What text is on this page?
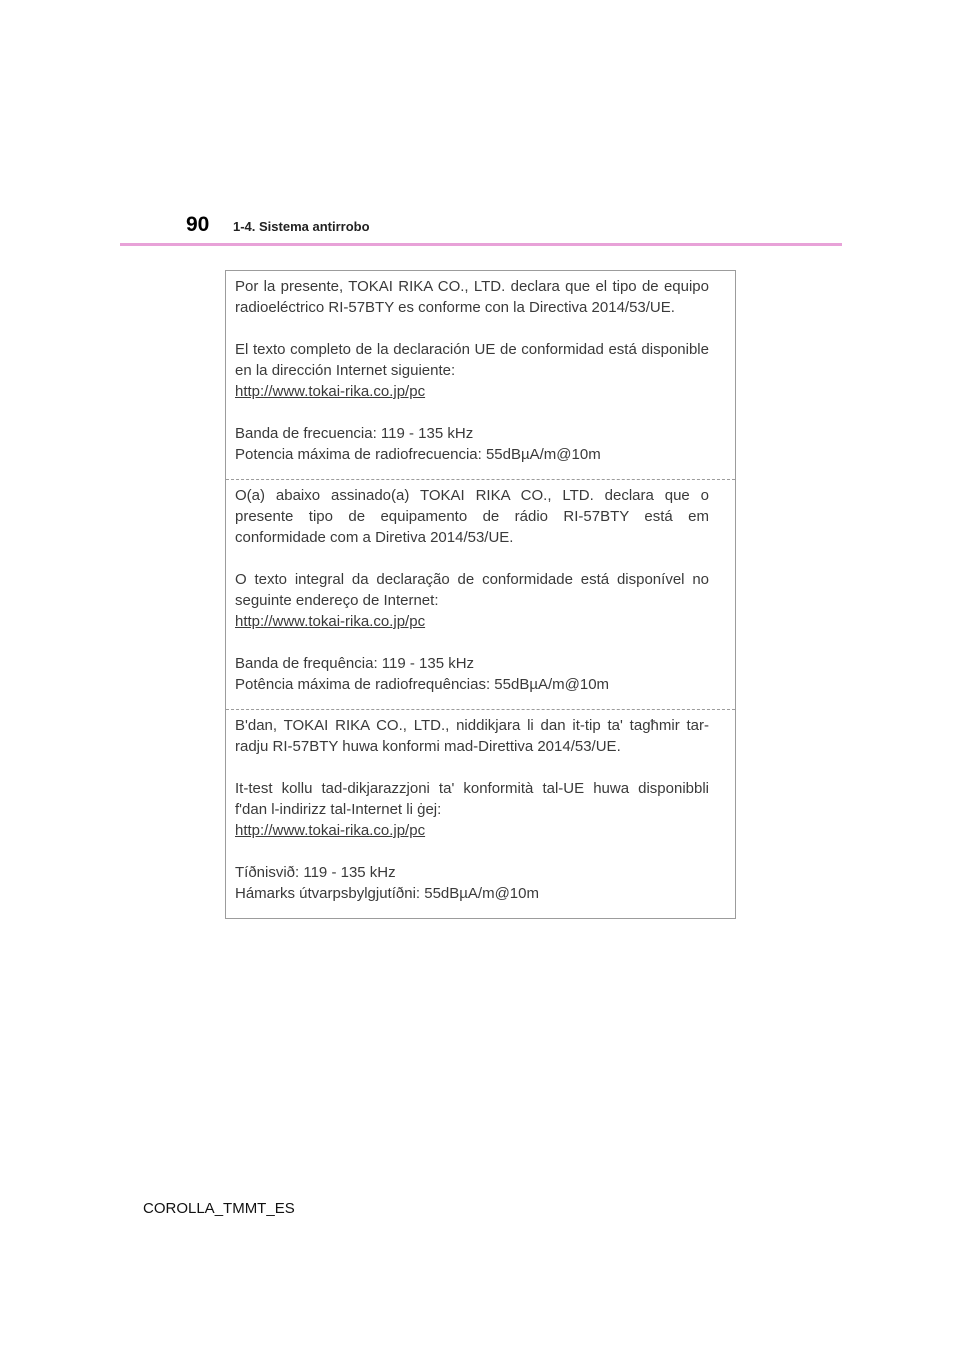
90 1-4. Sistema antirrobo

Por la presente, TOKAI RIKA CO., LTD. declara que el tipo de equipo radioeléctrico RI-57BTY es conforme con la Directiva 2014/53/UE.

El texto completo de la declaración UE de conformidad está disponible en la dirección Internet siguiente:

http://www.tokai-rika.co.jp/pc

Banda de frecuencia: 119 - 135 kHz

Potencia máxima de radiofrecuencia: 55dBµA/m@10m

O(a) abaixo assinado(a) TOKAI RIKA CO., LTD. declara que o presente tipo de equipamento de rádio RI-57BTY está em conformidade com a Diretiva 2014/53/UE.

O texto integral da declaração de conformidade está disponível no seguinte endereço de Internet:

http://www.tokai-rika.co.jp/pc

Banda de frequência: 119 - 135 kHz

Potência máxima de radiofrequências: 55dBµA/m@10m

B'dan, TOKAI RIKA CO., LTD., niddikjara li dan it-tip ta' tagħmir tar-radju RI-57BTY huwa konformi mad-Direttiva 2014/53/UE.

It-test kollu tad-dikjarazzjoni ta' konformità tal-UE huwa disponibbli f'dan l-indirizz tal-Internet li ġej:

http://www.tokai-rika.co.jp/pc

Tíðnisvið: 119 - 135 kHz

Hámarks útvarpsbylgjutíðni: 55dBµA/m@10m

COROLLA_TMMT_ES
